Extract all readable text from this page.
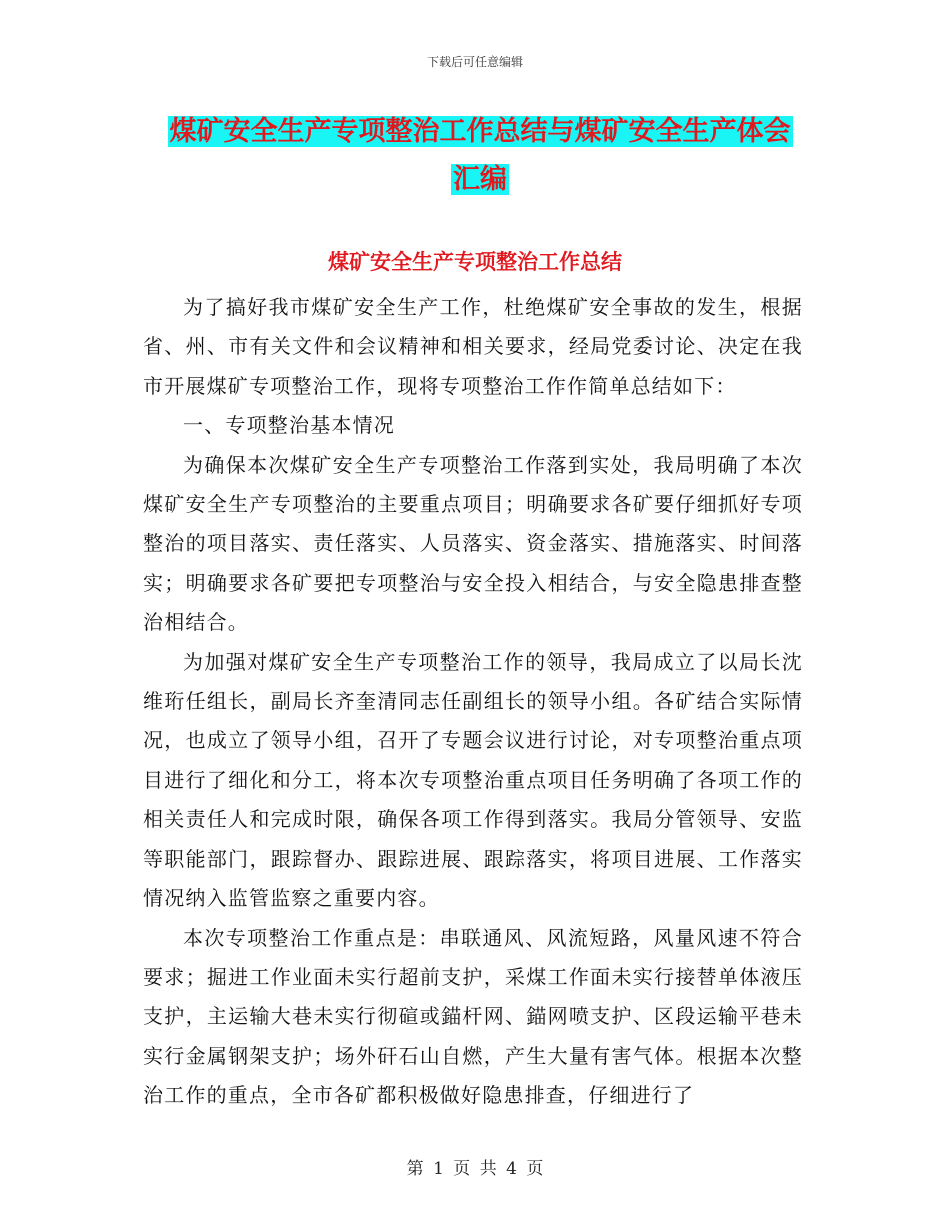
下载后可任意编辑
煤矿安全生产专项整治工作总结与煤矿安全生产体会
汇编
煤矿安全生产专项整治工作总结

为了搞好我市煤矿安全生产工作，杜绝煤矿安全事故的发生，根据省、州、市有关文件和会议精神和相关要求，经局党委讨论、决定在我市开展煤矿专项整治工作，现将专项整治工作作简单总结如下：

一、专项整治基本情况

为确保本次煤矿安全生产专项整治工作落到实处，我局明确了本次煤矿安全生产专项整治的主要重点项目；明确要求各矿要仔细抓好专项整治的项目落实、责任落实、人员落实、资金落实、措施落实、时间落实；明确要求各矿要把专项整治与安全投入相结合，与安全隐患排查整治相结合。

为加强对煤矿安全生产专项整治工作的领导，我局成立了以局长沈维珩任组长，副局长齐奎清同志任副组长的领导小组。各矿结合实际情况，也成立了领导小组，召开了专题会议进行讨论，对专项整治重点项目进行了细化和分工，将本次专项整治重点项目任务明确了各项工作的相关责任人和完成时限，确保各项工作得到落实。我局分管领导、安监等职能部门，跟踪督办、跟踪进展、跟踪落实，将项目进展、工作落实情况纳入监管监察之重要内容。

本次专项整治工作重点是：串联通风、风流短路，风量风速不符合要求；掘进工作业面未实行超前支护，采煤工作面未实行接替单体液压支护，主运输大巷未实行彻碹或錨杆网、錨网喷支护、区段运输平巷未实行金属钢架支护；场外矸石山自燃，产生大量有害气体。根据本次整治工作的重点，全市各矿都积极做好隐患排查，仔细进行了

第 1 页 共 4 页
